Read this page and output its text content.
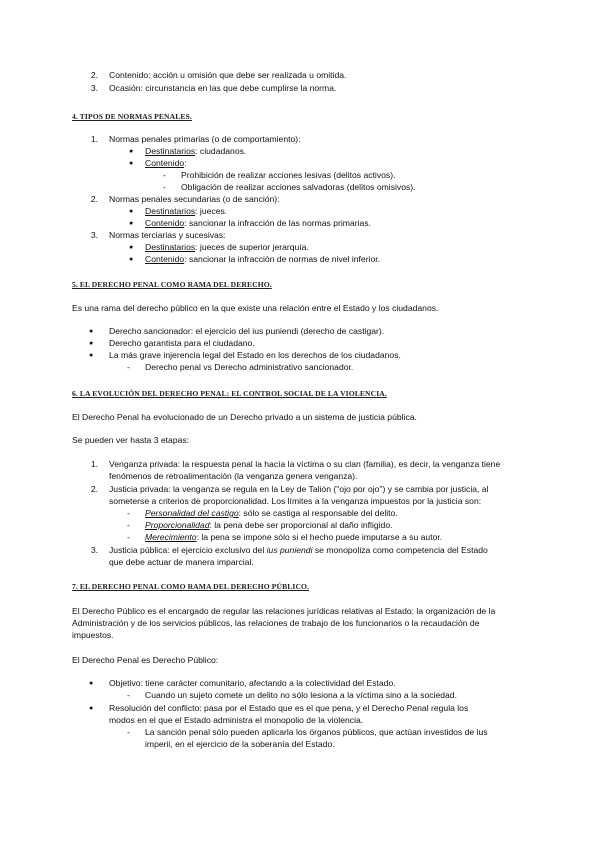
2. Contenido: acción u omisión que debe ser realizada u omitida.
3. Ocasión: circunstancia en las que debe cumplirse la norma.
4. TIPOS DE NORMAS PENALES.
1. Normas penales primarias (o de comportamiento):
● Destinatarios: ciudadanos.
● Contenido:
- Prohibición de realizar acciones lesivas (delitos activos).
- Obligación de realizar acciones salvadoras (delitos omisivos).
2. Normas penales secundarias (o de sanción):
● Destinatarios: jueces.
● Contenido: sancionar la infracción de las normas primarias.
3. Normas terciarias y sucesivas:
● Destinatarios: jueces de superior jerarquía.
● Contenido: sancionar la infracción de normas de nivel inferior.
5. EL DERECHO PENAL COMO RAMA DEL DERECHO.
Es una rama del derecho público en la que existe una relación entre el Estado y los ciudadanos.
● Derecho sancionador: el ejercicio del ius puniendi (derecho de castigar).
● Derecho garantista para el ciudadano.
● La más grave injerencia legal del Estado en los derechos de los ciudadanos.
- Derecho penal vs Derecho administrativo sancionador.
6. LA EVOLUCIÓN DEL DERECHO PENAL: EL CONTROL SOCIAL DE LA VIOLENCIA.
El Derecho Penal ha evolucionado de un Derecho privado a un sistema de justicia pública.
Se pueden ver hasta 3 etapas:
1. Venganza privada: la respuesta penal la hacía la víctima o su clan (familia), es decir, la venganza tiene
fenómenos de retroalimentación (la venganza genera venganza).
2. Justicia privada: la venganza se regula en la Ley de Talión ("ojo por ojo") y se cambia por justicia, al
someterse a criterios de proporcionalidad. Los límites a la venganza impuestos por la justicia son:
- Personalidad del castigo: sólo se castiga al responsable del delito.
- Proporcionalidad: la pena debe ser proporcional al daño infligido.
- Merecimiento: la pena se impone sólo si el hecho puede imputarse a su autor.
3. Justicia pública: el ejercicio exclusivo del ius puniendi se monopoliza como competencia del Estado
que debe actuar de manera imparcial.
7. EL DERECHO PENAL COMO RAMA DEL DERECHO PÚBLICO.
El Derecho Público es el encargado de regular las relaciones jurídicas relativas al Estado: la organización de la
Administración y de los servicios públicos, las relaciones de trabajo de los funcionarios o la recaudación de
impuestos.
El Derecho Penal es Derecho Público:
● Objetivo: tiene carácter comunitario, afectando a la colectividad del Estado.
- Cuando un sujeto comete un delito no sólo lesiona a la víctima sino a la sociedad.
● Resolución del conflicto: pasa por el Estado que es el que pena, y el Derecho Penal regula los
modos en el que el Estado administra el monopolio de la violencia.
- La sanción penal sólo pueden aplicarla los órganos públicos, que actúan investidos de ius
imperii, en el ejercicio de la soberanía del Estado.
